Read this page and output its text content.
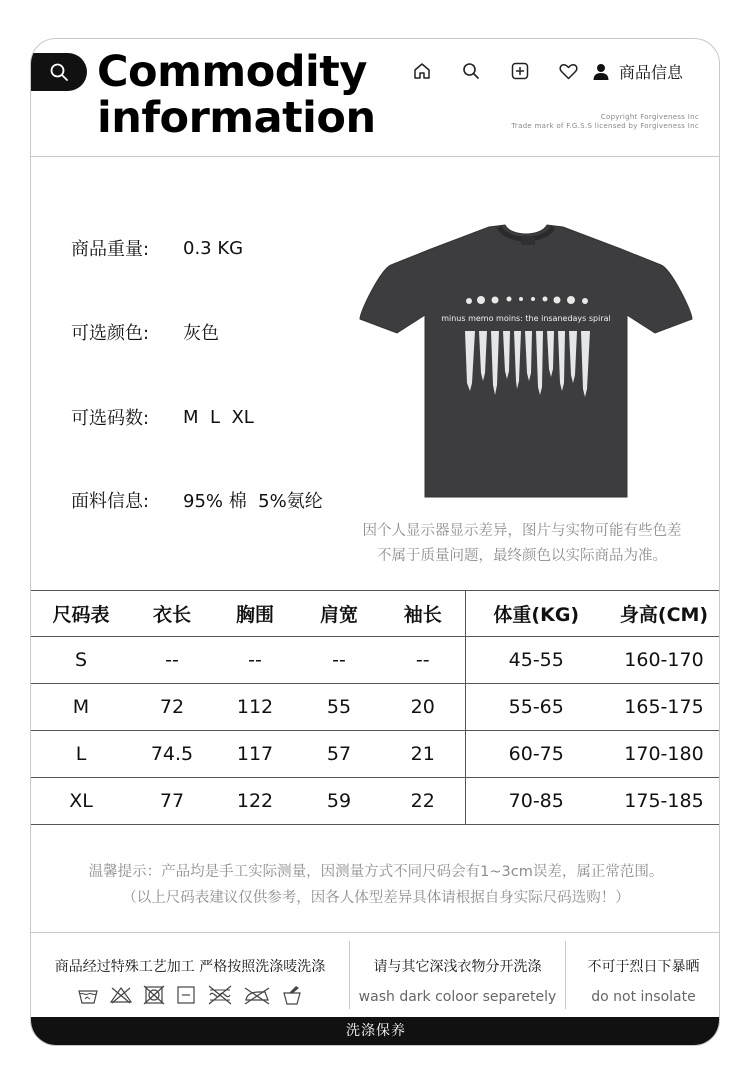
Commodity
information
商品信息
Copyright Forgiveness Inc
Trade mark of F.G.S.S licensed by Forgiveness Inc
商品重量:	0.3 KG
可选颜色:	灰色
可选码数:	M  L  XL
面料信息:	95% 棉  5%氨纶
minus memo moins: the insanedays spiral
因个人显示器显示差异，图片与实物可能有些色差
不属于质量问题，最终颜色以实际商品为准。
尺码表	衣长	胸围	肩宽	袖长	体重(KG)	身高(CM)
S	--	--	--	--	45-55	160-170
M	72	112	55	20	55-65	165-175
L	74.5	117	57	21	60-75	170-180
XL	77	122	59	22	70-85	175-185
温馨提示：产品均是手工实际测量，因测量方式不同尺码会有1~3cm误差，属正常范围。
（以上尺码表建议仅供参考，因各人体型差异具体请根据自身实际尺码选购！）
商品经过特殊工艺加工 严格按照洗涤唛洗涤	请与其它深浅衣物分开洗涤
wash dark coloor separetely
不可于烈日下暴晒
do not insolate
洗涤保养
